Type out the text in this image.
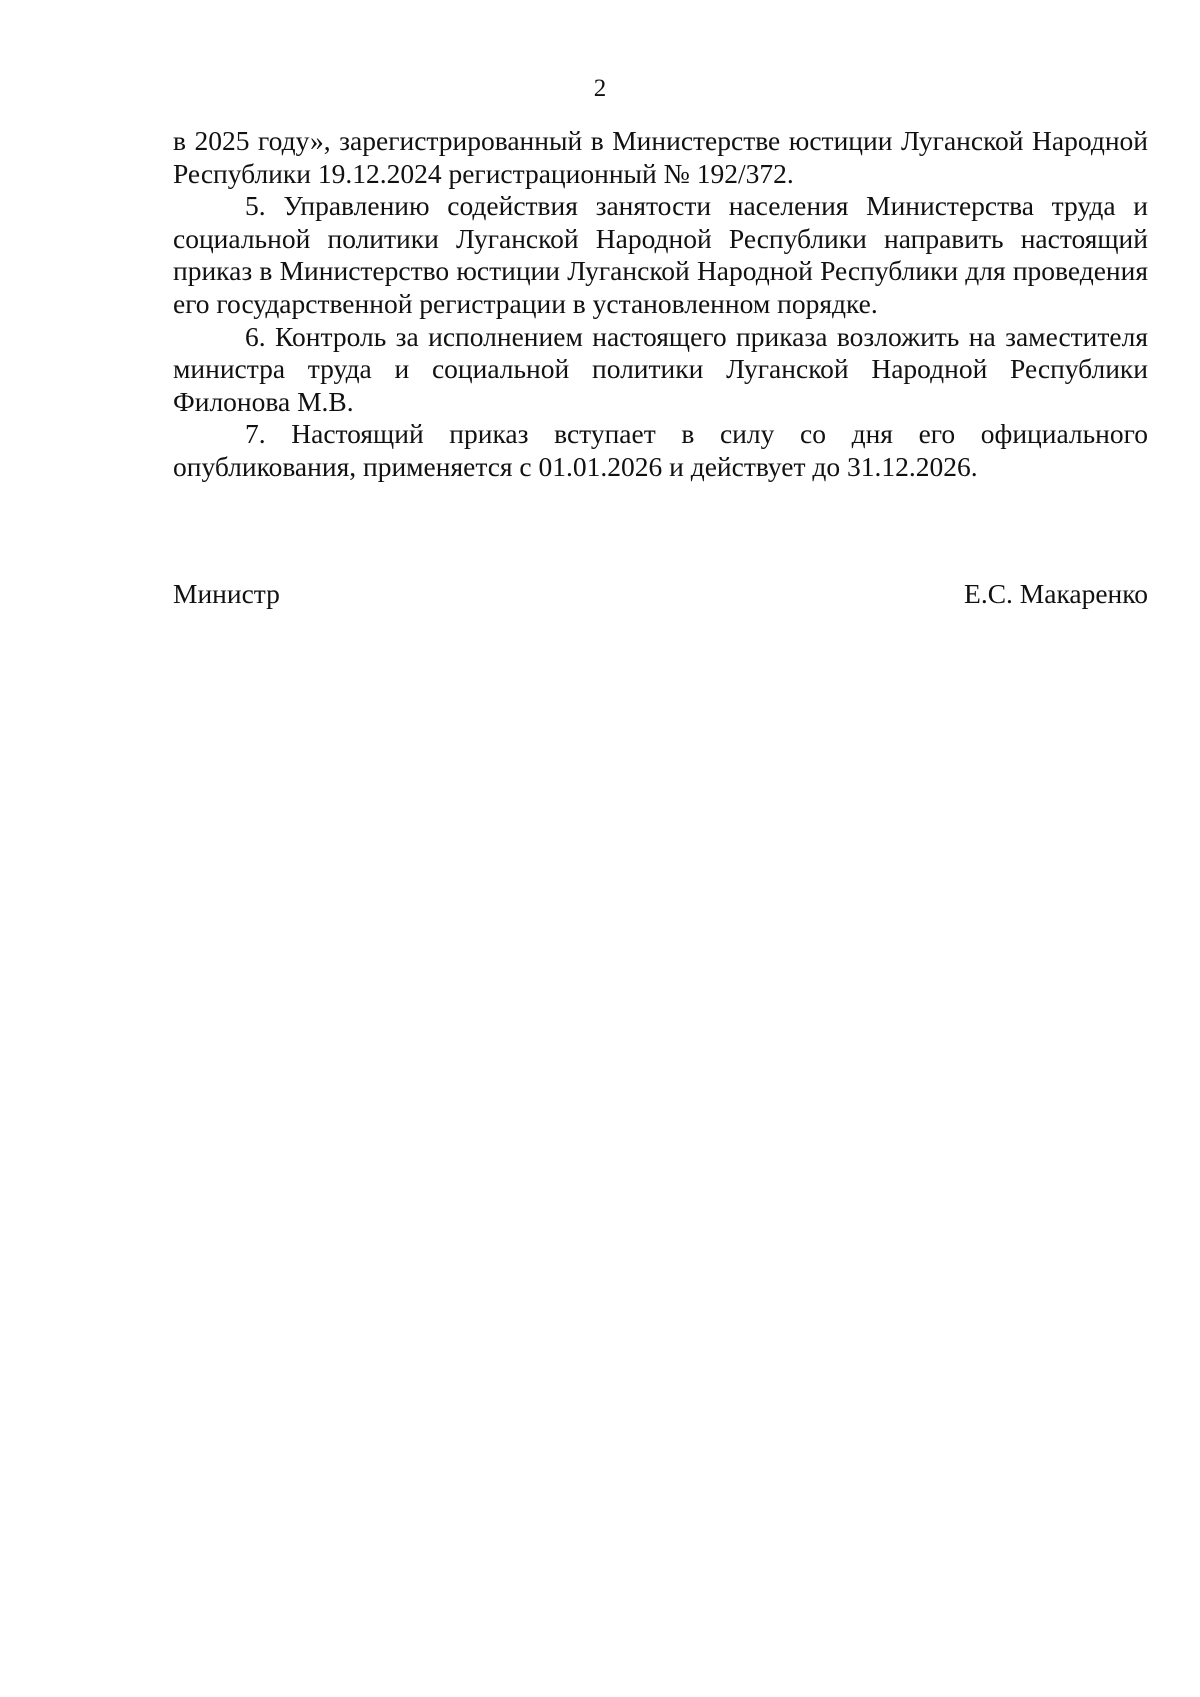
2

в 2025 году», зарегистрированный в Министерстве юстиции Луганской Народной Республики 19.12.2024 регистрационный № 192/372.

5. Управлению содействия занятости населения Министерства труда и социальной политики Луганской Народной Республики направить настоящий приказ в Министерство юстиции Луганской Народной Республики для проведения его государственной регистрации в установленном порядке.

6. Контроль за исполнением настоящего приказа возложить на заместителя министра труда и социальной политики Луганской Народной Республики Филонова М.В.

7. Настоящий приказ вступает в силу со дня его официального опубликования, применяется с 01.01.2026 и действует до 31.12.2026.

Министр	Е.С. Макаренко
